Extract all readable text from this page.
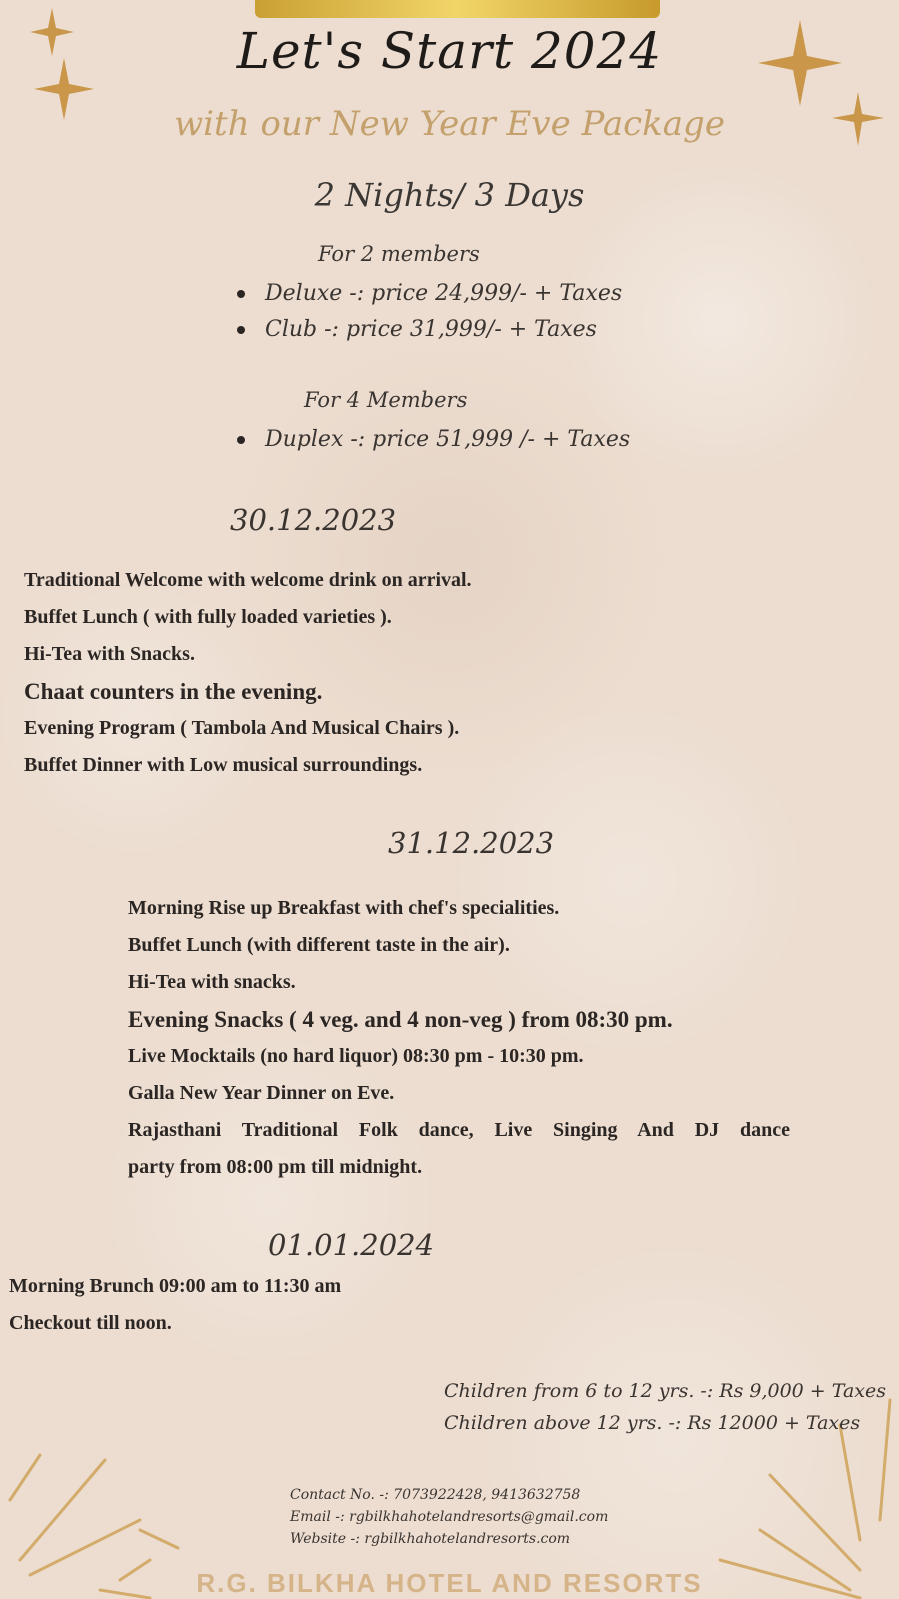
Let's Start 2024
with our New Year Eve Package
2 Nights/ 3 Days
For 2 members
Deluxe -: price 24,999/- + Taxes
Club -: price 31,999/- + Taxes
For 4 Members
Duplex -: price 51,999 /- + Taxes
30.12.2023
Traditional Welcome with welcome drink on arrival.
Buffet Lunch ( with fully loaded varieties ).
Hi-Tea with Snacks.
Chaat counters in the evening.
Evening Program ( Tambola And Musical Chairs ).
Buffet Dinner with Low musical surroundings.
31.12.2023
Morning Rise up Breakfast with chef's specialities.
Buffet Lunch (with different taste in the air).
Hi-Tea with snacks.
Evening Snacks ( 4 veg. and 4 non-veg ) from 08:30 pm.
Live Mocktails (no hard liquor) 08:30 pm - 10:30 pm.
Galla New Year Dinner on Eve.
Rajasthani Traditional Folk dance, Live Singing And DJ dance
party from 08:00 pm till midnight.
01.01.2024
Morning Brunch 09:00 am to 11:30 am
Checkout till noon.
Children from 6 to 12 yrs. -: Rs 9,000 + Taxes
Children above 12 yrs. -: Rs 12000 + Taxes
Contact No. -: 7073922428, 9413632758
Email -: rgbilkhahotelandresorts@gmail.com
Website -: rgbilkhahotelandresorts.com
R.G. BILKHA HOTEL AND RESORTS
